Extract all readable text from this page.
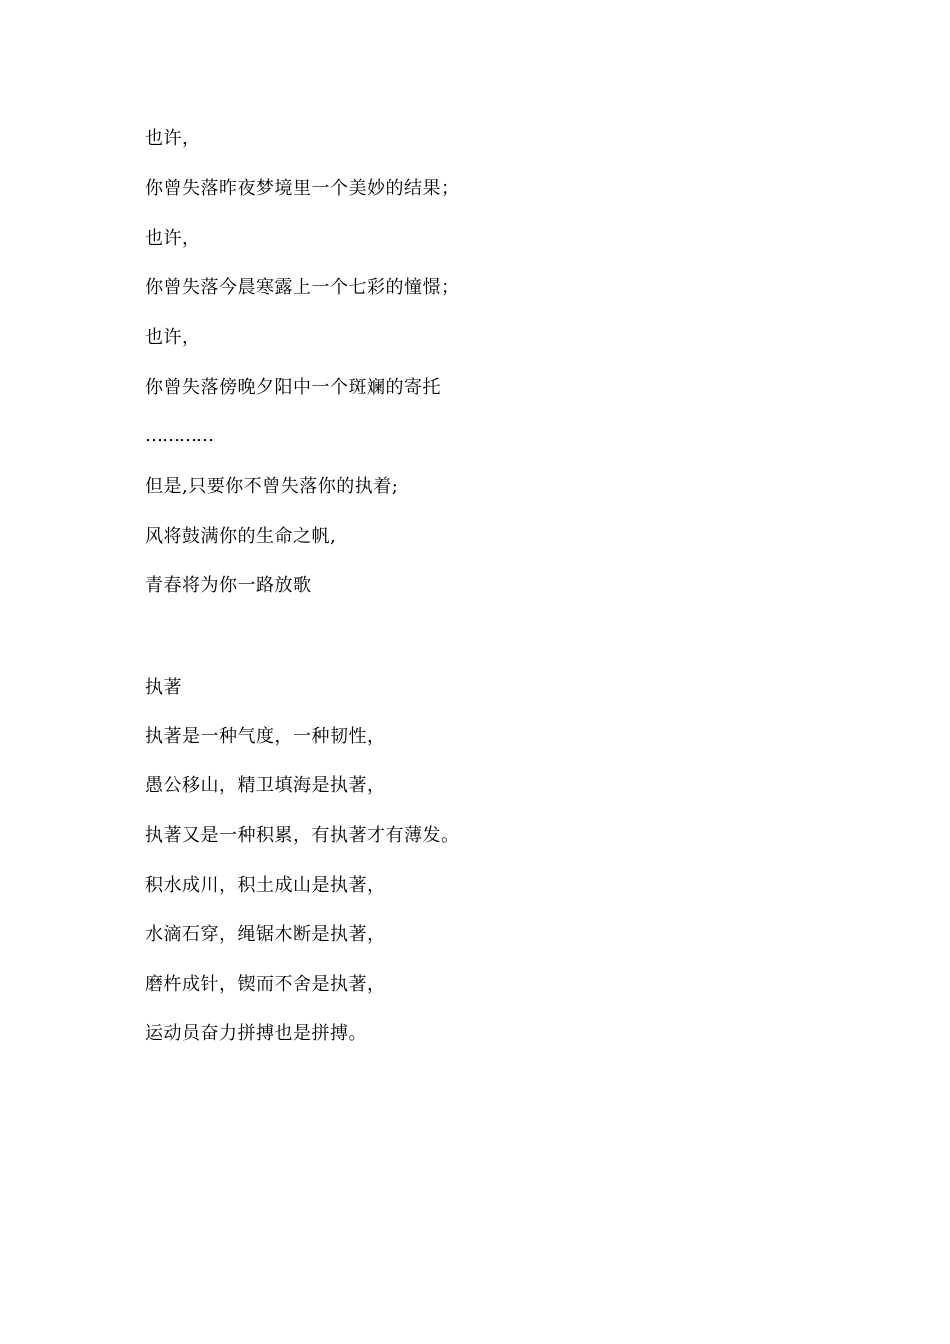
也许，
你曾失落昨夜梦境里一个美妙的结果；
也许，
你曾失落今晨寒露上一个七彩的憧憬；
也许，
你曾失落傍晚夕阳中一个斑斓的寄托
…………
但是,只要你不曾失落你的执着;
风将鼓满你的生命之帆,
青春将为你一路放歌
执著
执著是一种气度，一种韧性，
愚公移山，精卫填海是执著，
执著又是一种积累，有执著才有薄发。
积水成川，积土成山是执著，
水滴石穿，绳锯木断是执著，
磨杵成针，锲而不舍是执著，
运动员奋力拼搏也是拼搏。
